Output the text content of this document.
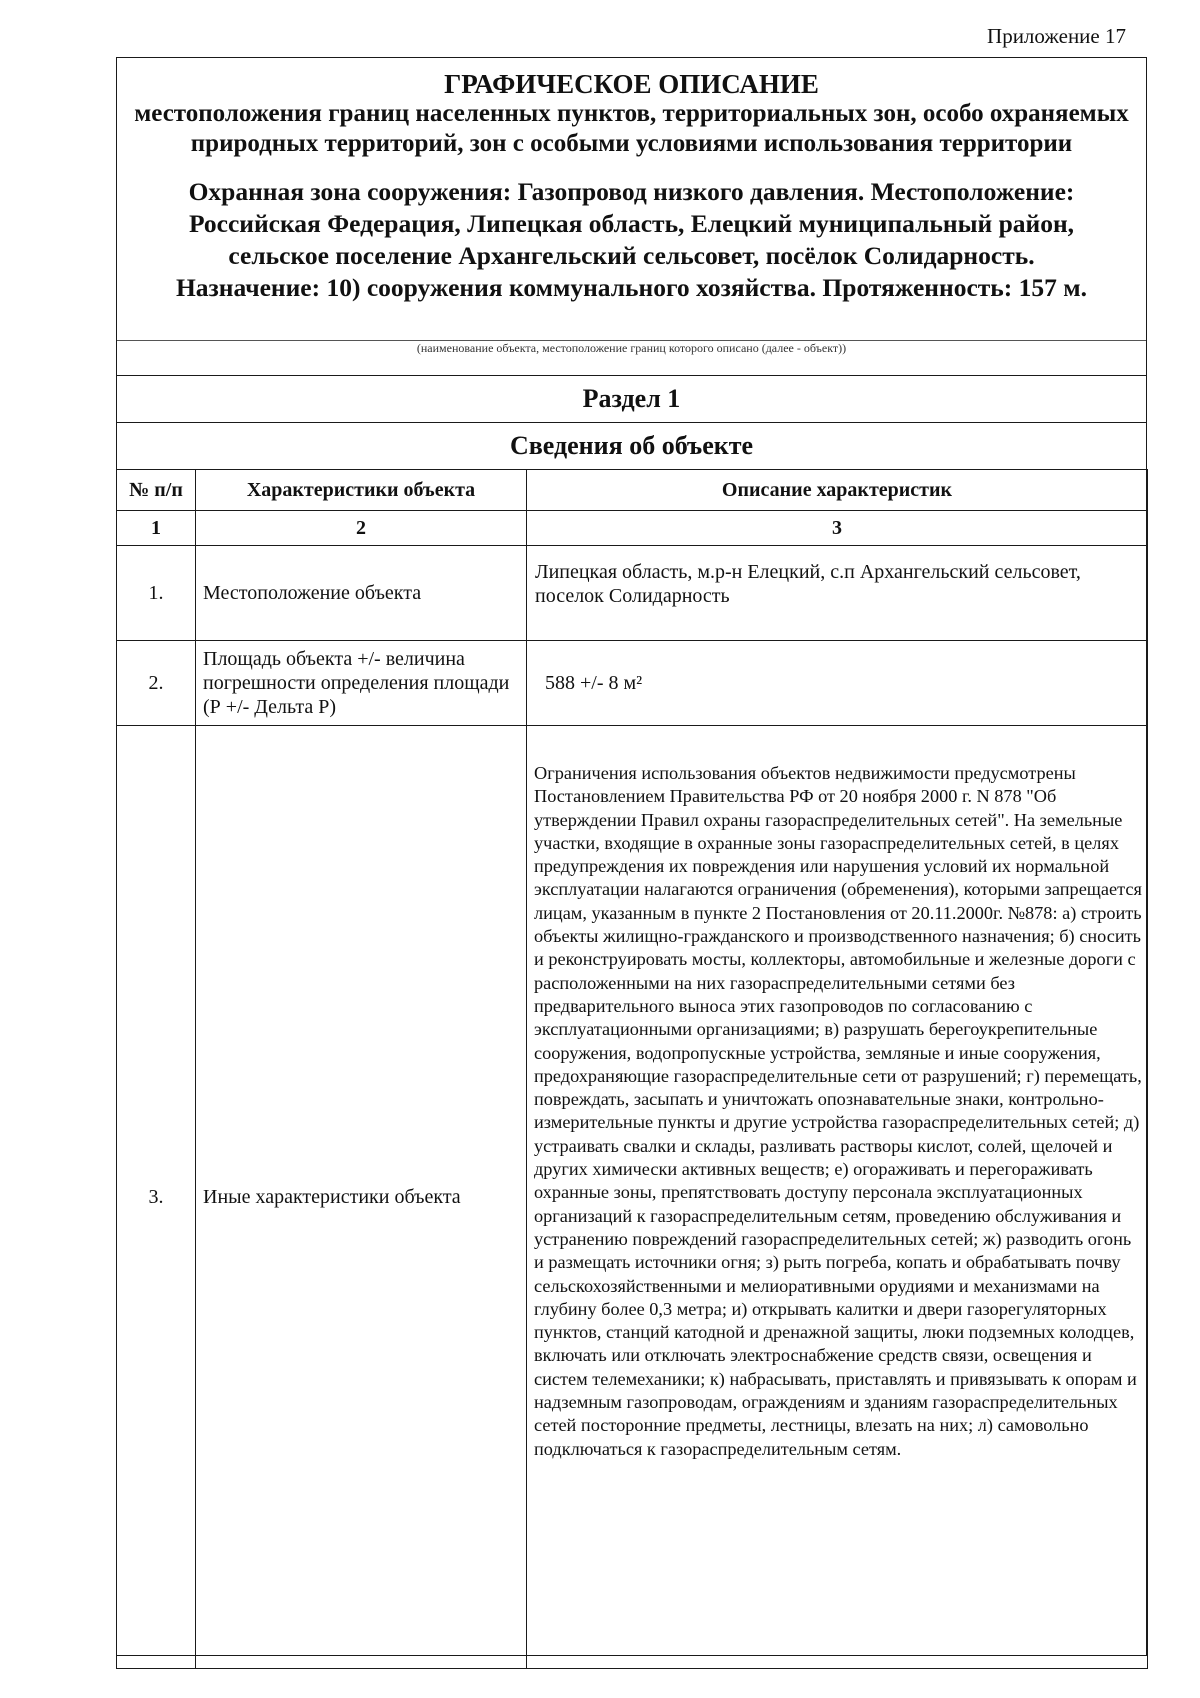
Приложение 17
ГРАФИЧЕСКОЕ ОПИСАНИЕ
местоположения границ населенных пунктов, территориальных зон, особо охраняемых природных территорий, зон с особыми условиями использования территории
Охранная зона сооружения: Газопровод низкого давления. Местоположение:
Российская Федерация, Липецкая область, Елецкий муниципальный район,
сельское поселение Архангельский сельсовет, посёлок Солидарность.
Назначение: 10) сооружения коммунального хозяйства. Протяженность: 157 м.
(наименование объекта, местоположение границ которого описано (далее - объект))
Раздел 1
Сведения об объекте
№ п/п	Характеристики объекта	Описание характеристик
1	2	3
1.	Местоположение объекта	Липецкая область, м.р-н Елецкий, с.п Архангельский сельсовет, поселок Солидарность

2.	Площадь объекта +/- величина погрешности определения площади (Р +/- Дельта Р)	588 +/- 8 м²

3.	Иные характеристики объекта	Ограничения использования объектов недвижимости предусмотрены Постановлением Правительства РФ от 20 ноября 2000 г. N 878 "Об утверждении Правил охраны газораспределительных сетей". На земельные участки, входящие в охранные зоны газораспределительных сетей, в целях предупреждения их повреждения или нарушения условий их нормальной эксплуатации налагаются ограничения (обременения), которыми запрещается лицам, указанным в пункте 2 Постановления от 20.11.2000г. №878: а) строить объекты жилищно-гражданского и производственного назначения; б) сносить и реконструировать мосты, коллекторы, автомобильные и железные дороги с расположенными на них газораспределительными сетями без предварительного выноса этих газопроводов по согласованию с эксплуатационными организациями; в) разрушать берегоукрепительные сооружения, водопропускные устройства, земляные и иные сооружения, предохраняющие газораспределительные сети от разрушений; г) перемещать, повреждать, засыпать и уничтожать опознавательные знаки, контрольно-измерительные пункты и другие устройства газораспределительных сетей; д) устраивать свалки и склады, разливать растворы кислот, солей, щелочей и других химически активных веществ; е) огораживать и перегораживать охранные зоны, препятствовать доступу персонала эксплуатационных организаций к газораспределительным сетям, проведению обслуживания и устранению повреждений газораспределительных сетей; ж) разводить огонь и размещать источники огня; з) рыть погреба, копать и обрабатывать почву сельскохозяйственными и мелиоративными орудиями и механизмами на глубину более 0,3 метра; и) открывать калитки и двери газорегуляторных пунктов, станций катодной и дренажной защиты, люки подземных колодцев, включать или отключать электроснабжение средств связи, освещения и систем телемеханики; к) набрасывать, приставлять и привязывать к опорам и надземным газопроводам, ограждениям и зданиям газораспределительных сетей посторонние предметы, лестницы, влезать на них; л) самовольно подключаться к газораспределительным сетям.
